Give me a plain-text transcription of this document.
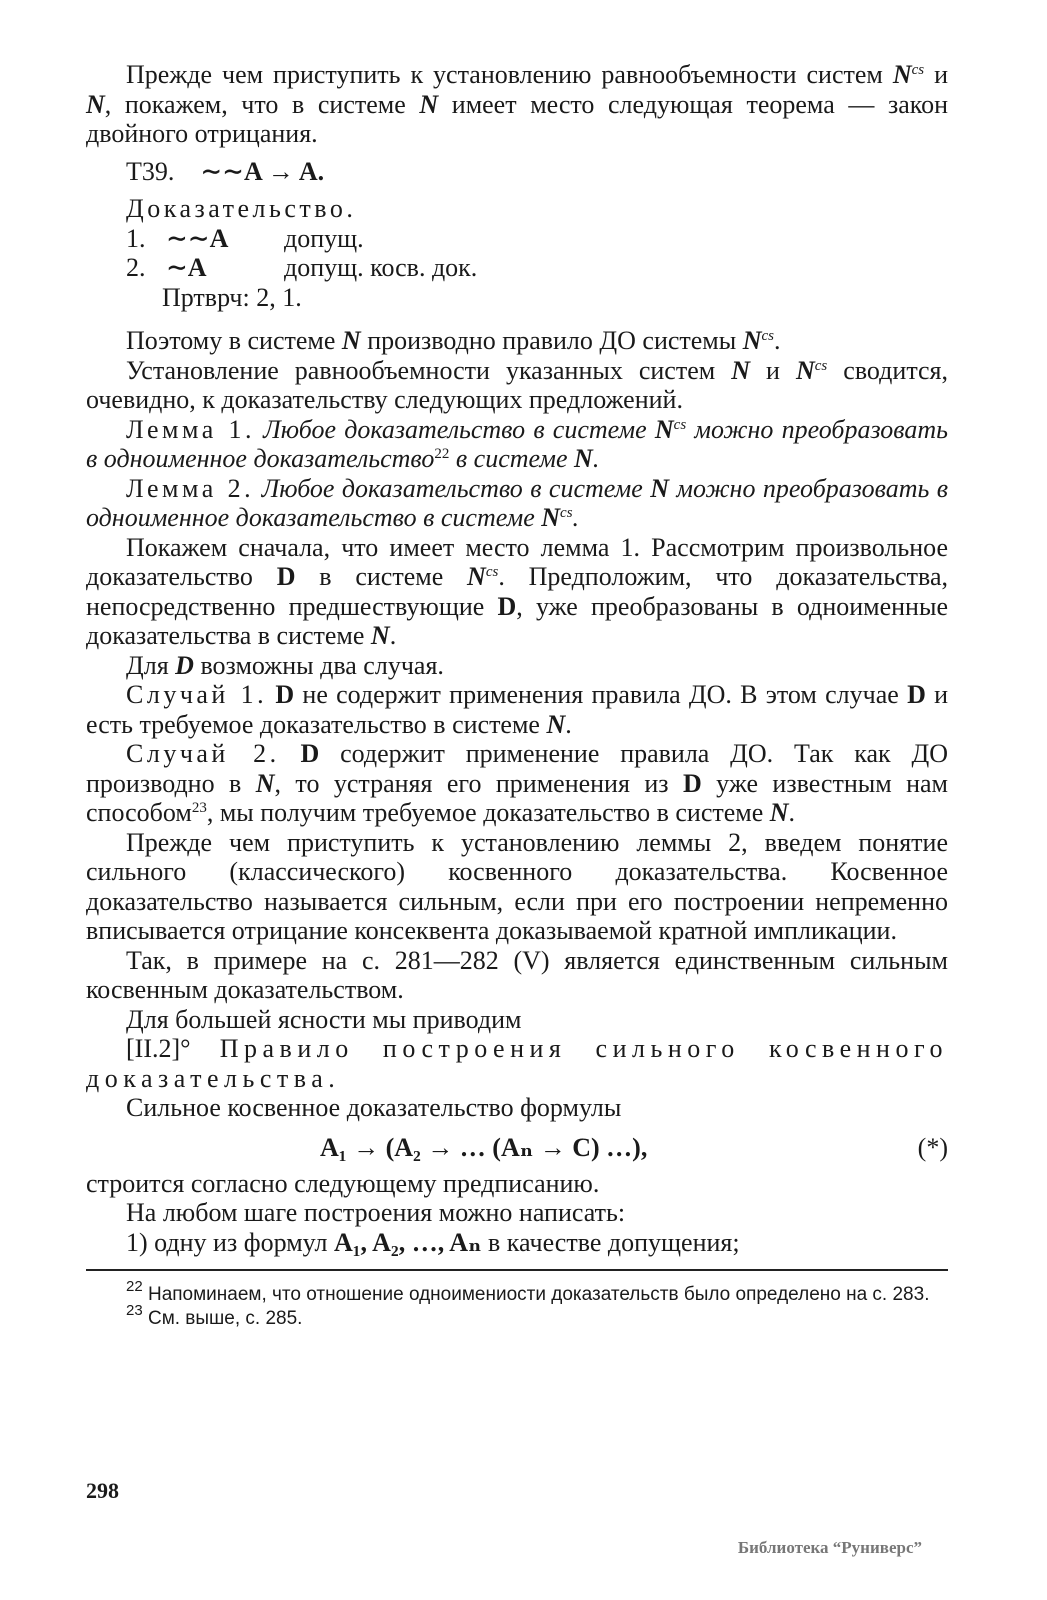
Прежде чем приступить к установлению равнообъемности систем $N^{cs}$ и N, покажем, что в системе N имеет место следующая теорема — закон двойного отрицания.

Т39. ∼∼A → A.

Доказательство.

1. ∼∼A	допущ.
2. ∼A	допущ. косв. док.

Пртврч: 2, 1.

Поэтому в системе N производно правило ДО системы $N^{cs}$.

Установление равнообъемности указанных систем N и $N^{cs}$ сводится, очевидно, к доказательству следующих предложений.

Лемма 1. Любое доказательство в системе $N^{cs}$ можно преобразовать в одноименное доказательство$^{22}$ в системе N.

Лемма 2. Любое доказательство в системе N можно преобразовать в одноименное доказательство в системе $N^{cs}$.

Покажем сначала, что имеет место лемма 1. Рассмотрим произвольное доказательство D в системе $N^{cs}$. Предположим, что доказательства, непосредственно предшествующие D, уже преобразованы в одноименные доказательства в системе N.

Для D возможны два случая.

Случай 1. D не содержит применения правила ДО. В этом случае D и есть требуемое доказательство в системе N.

Случай 2. D содержит применение правила ДО. Так как ДО производно в N, то устраняя его применения из D уже известным нам способом$^{23}$, мы получим требуемое доказательство в системе N.

Прежде чем приступить к установлению леммы 2, введем понятие сильного (классического) косвенного доказательства. Косвенное доказательство называется сильным, если при его построении непременно вписывается отрицание консеквента доказываемой кратной импликации.

Так, в примере на с. 281—282 (V) является единственным сильным косвенным доказательством.

Для большей ясности мы приводим

[II.2]° Правило построения сильного косвенного доказательства.

Сильное косвенное доказательство формулы

A₁ → (A₂ → … (Aₙ → C) …),	(*)

строится согласно следующему предписанию.

На любом шаге построения можно написать:

1) одну из формул A₁, A₂, …, Aₙ в качестве допущения;

$^{22}$ Напоминаем, что отношение одноимениости доказательств было определено на с. 283.

$^{23}$ См. выше, с. 285.

298
Библиотека “Руниверс”
